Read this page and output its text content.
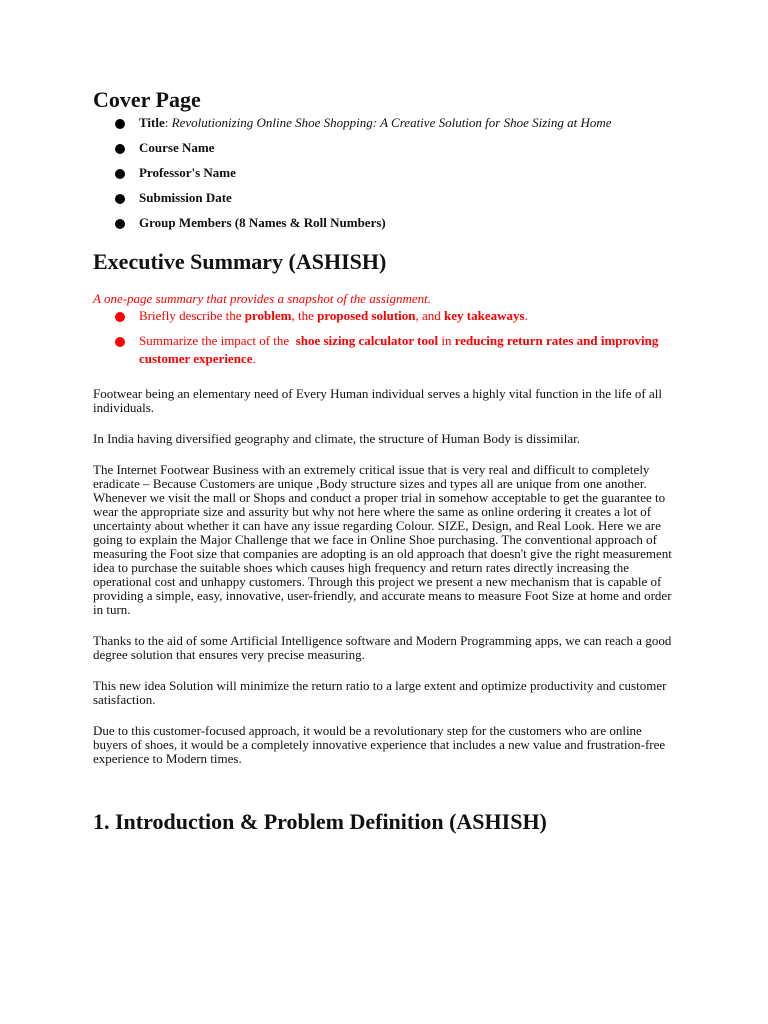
Cover Page
Title: Revolutionizing Online Shoe Shopping: A Creative Solution for Shoe Sizing at Home
Course Name
Professor's Name
Submission Date
Group Members (8 Names & Roll Numbers)
Executive Summary (ASHISH)
A one-page summary that provides a snapshot of the assignment.
Briefly describe the problem, the proposed solution, and key takeaways.
Summarize the impact of the  shoe sizing calculator tool in reducing return rates and improving customer experience.

Footwear being an elementary need of Every Human individual serves a highly vital function in the life of all individuals.

In India having diversified geography and climate, the structure of Human Body is dissimilar.

The Internet Footwear Business with an extremely critical issue that is very real and difficult to completely eradicate – Because Customers are unique ,Body structure sizes and types all are unique from one another. Whenever we visit the mall or Shops and conduct a proper trial in somehow acceptable to get the guarantee to wear the appropriate size and assurity but why not here where the same as online ordering it creates a lot of uncertainty about whether it can have any issue regarding Colour. SIZE, Design, and Real Look. Here we are going to explain the Major Challenge that we face in Online Shoe purchasing. The conventional approach of measuring the Foot size that companies are adopting is an old approach that doesn't give the right measurement idea to purchase the suitable shoes which causes high frequency and return rates directly increasing the operational cost and unhappy customers. Through this project we present a new mechanism that is capable of providing a simple, easy, innovative, user-friendly, and accurate means to measure Foot Size at home and order in turn.

Thanks to the aid of some Artificial Intelligence software and Modern Programming apps, we can reach a good degree solution that ensures very precise measuring.

This new idea Solution will minimize the return ratio to a large extent and optimize productivity and customer satisfaction.

Due to this customer-focused approach, it would be a revolutionary step for the customers who are online buyers of shoes, it would be a completely innovative experience that includes a new value and frustration-free experience to Modern times.

1. Introduction & Problem Definition (ASHISH)
